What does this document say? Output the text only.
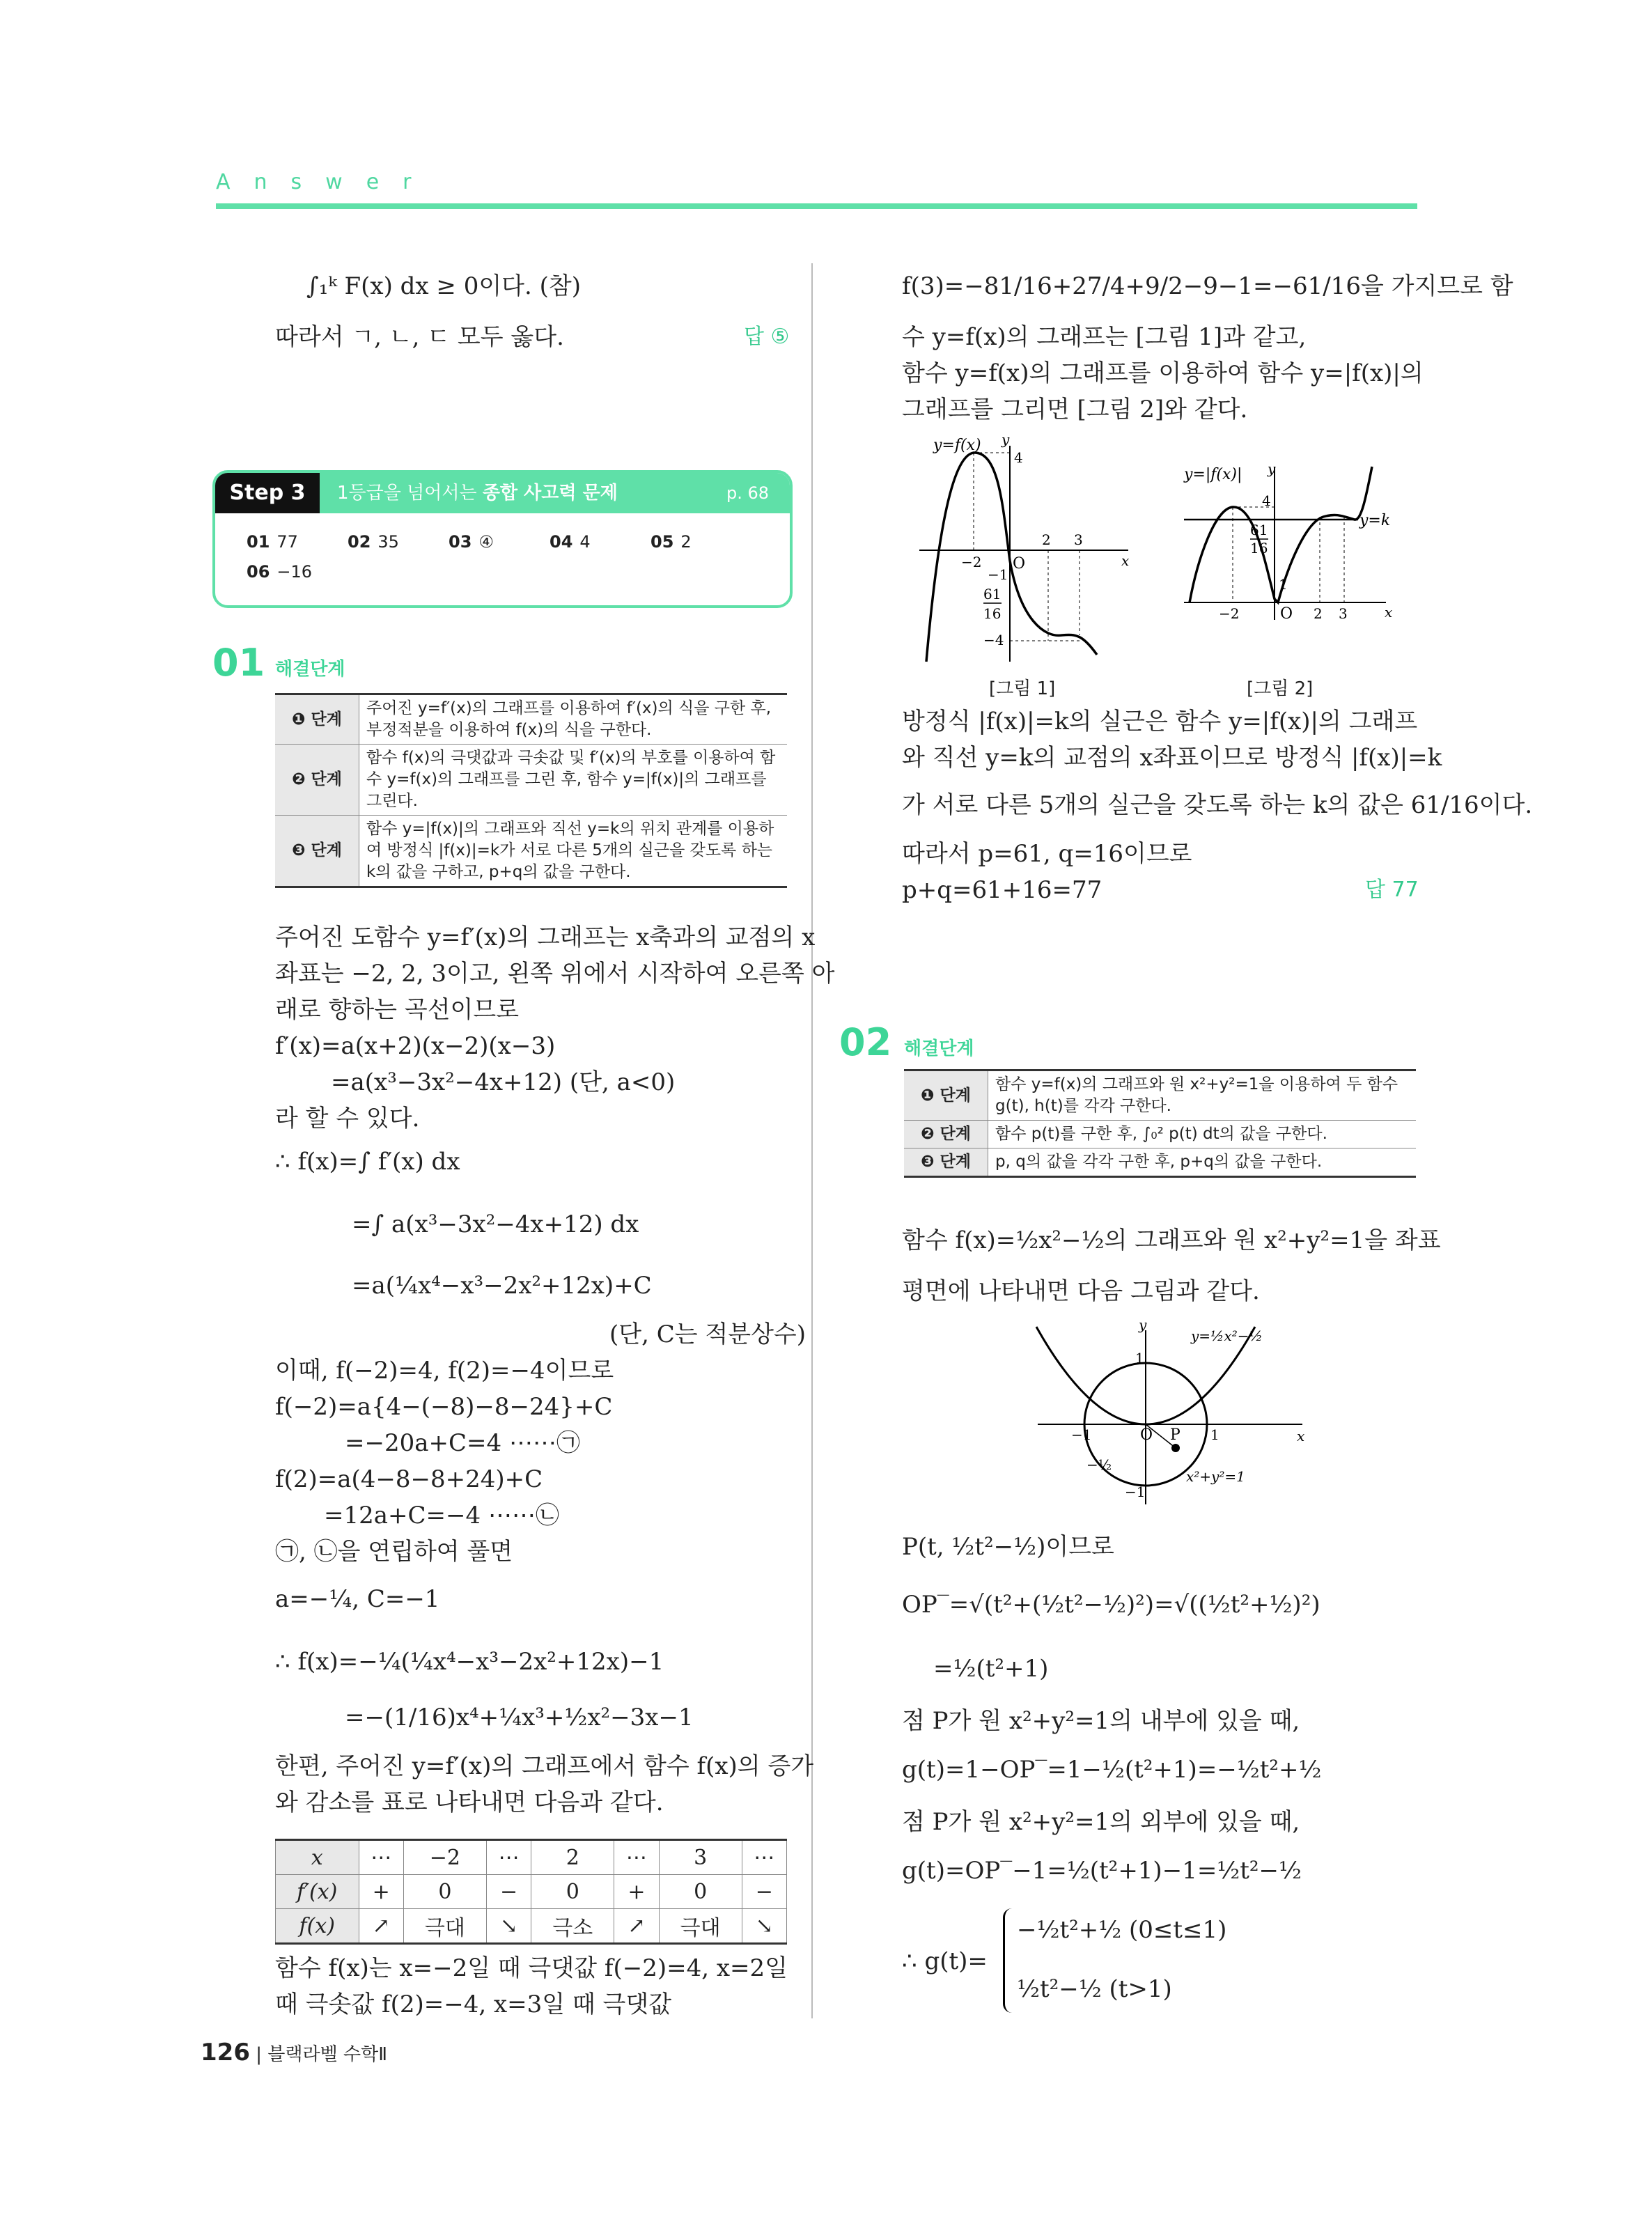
Answer
∫₁ᵏ F(x) dx ≥ 0이다. (참)
따라서 ㄱ, ㄴ, ㄷ 모두 옳다.	답 ⑤
Step 3	1등급을 넘어서는 종합 사고력 문제	p. 68
01 77	02 35	03 ④	04 4	05 2
06 −16
01 해결단계
❶ 단계	주어진 y=f′(x)의 그래프를 이용하여 f′(x)의 식을 구한 후, 부정적분을 이용하여 f(x)의 식을 구한다.
❷ 단계	함수 f(x)의 극댓값과 극솟값 및 f′(x)의 부호를 이용하여 함수 y=f(x)의 그래프를 그린 후, 함수 y=|f(x)|의 그래프를 그린다.
❸ 단계	함수 y=|f(x)|의 그래프와 직선 y=k의 위치 관계를 이용하여 방정식 |f(x)|=k가 서로 다른 5개의 실근을 갖도록 하는 k의 값을 구하고, p+q의 값을 구한다.
주어진 도함수 y=f′(x)의 그래프는 x축과의 교점의 x
좌표는 −2, 2, 3이고, 왼쪽 위에서 시작하여 오른쪽 아
래로 향하는 곡선이므로
f′(x)=a(x+2)(x−2)(x−3)
=a(x³−3x²−4x+12) (단, a<0)
라 할 수 있다.
∴ f(x)=∫ f′(x) dx
=∫ a(x³−3x²−4x+12) dx
=a(¼x⁴−x³−2x²+12x)+C
(단, C는 적분상수)
이때, f(−2)=4, f(2)=−4이므로
f(−2)=a{4−(−8)−8−24}+C
=−20a+C=4 ⋯⋯㉠
f(2)=a(4−8−8+24)+C
=12a+C=−4 ⋯⋯㉡
㉠, ㉡을 연립하여 풀면
a=−¼, C=−1
∴ f(x)=−¼(¼x⁴−x³−2x²+12x)−1
=−(1/16)x⁴+¼x³+½x²−3x−1
한편, 주어진 y=f′(x)의 그래프에서 함수 f(x)의 증가
와 감소를 표로 나타내면 다음과 같다.
x	⋯	−2	⋯	2	⋯	3	⋯
f′(x)	+	0	−	0	+	0	−
f(x)	↗	극대	↘	극소	↗	극대	↘
함수 f(x)는 x=−2일 때 극댓값 f(−2)=4, x=2일
때 극솟값 f(2)=−4, x=3일 때 극댓값
f(3)=−81/16+27/4+9/2−9−1=−61/16을 가지므로 함
수 y=f(x)의 그래프는 [그림 1]과 같고,
함수 y=f(x)의 그래프를 이용하여 함수 y=|f(x)|의
그래프를 그리면 [그림 2]와 같다.
y=f(x) y
x
O
4
−2
−1
2 3
61
16
−4
[그림 1]
y=|f(x)| y
x
y=k
O
4
61
16
1
−2	2 3
[그림 2]
방정식 |f(x)|=k의 실근은 함수 y=|f(x)|의 그래프
와 직선 y=k의 교점의 x좌표이므로 방정식 |f(x)|=k
가 서로 다른 5개의 실근을 갖도록 하는 k의 값은 61/16이다.
따라서 p=61, q=16이므로
p+q=61+16=77	답 77
02 해결단계
❶ 단계	함수 y=f(x)의 그래프와 원 x²+y²=1을 이용하여 두 함수 g(t), h(t)를 각각 구한다.
❷ 단계	함수 p(t)를 구한 후, ∫₀² p(t) dt의 값을 구한다.
❸ 단계	p, q의 값을 각각 구한 후, p+q의 값을 구한다.
함수 f(x)=½x²−½의 그래프와 원 x²+y²=1을 좌표
평면에 나타내면 다음 그림과 같다.
y
x
y=½x²−½
x²+y²=1
O P
1
−1	1
−½
−1
P(t, ½t²−½)이므로
OP‾=√(t²+(½t²−½)²)=√((½t²+½)²)
=½(t²+1)
점 P가 원 x²+y²=1의 내부에 있을 때,
g(t)=1−OP‾=1−½(t²+1)=−½t²+½
점 P가 원 x²+y²=1의 외부에 있을 때,
g(t)=OP‾−1=½(t²+1)−1=½t²−½
∴ g(t)=
−½t²+½ (0≤t≤1)
½t²−½ (t>1)
126 | 블랙라벨 수학Ⅱ
